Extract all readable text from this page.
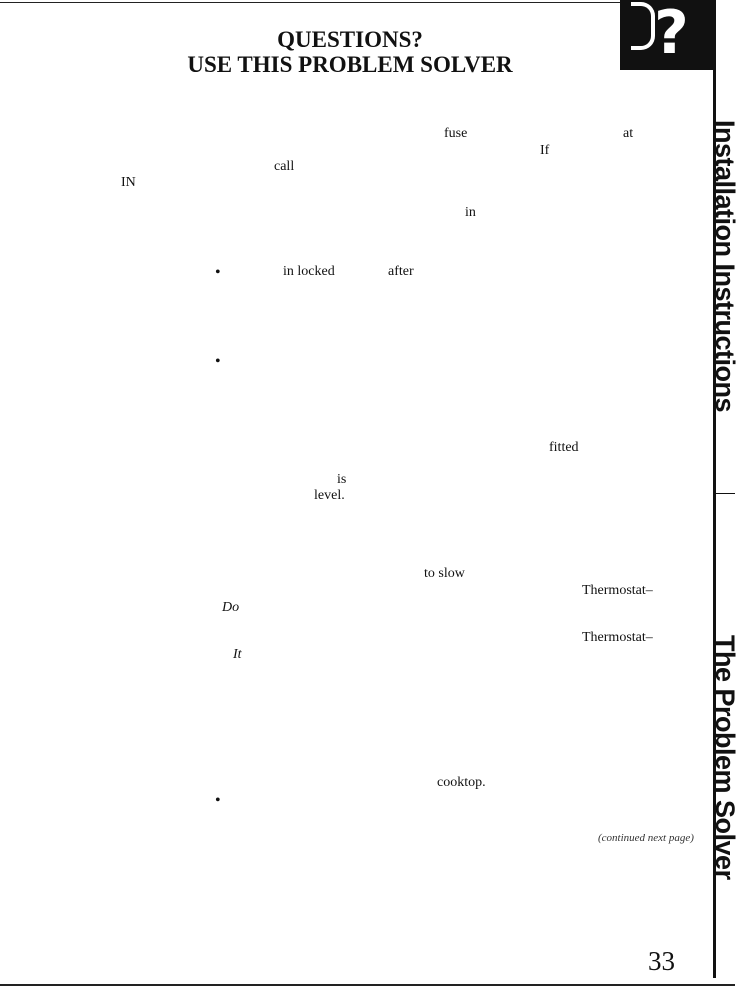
QUESTIONS?
USE THIS PROBLEM SOLVER	?
Installation Instructions
The Problem Solver
fuse	at
If
call
IN
in
•	in locked	after
•
fitted
is
level.
to slow
Thermostat–
Do
Thermostat–
It
cooktop.
•
(continued next page)
33
